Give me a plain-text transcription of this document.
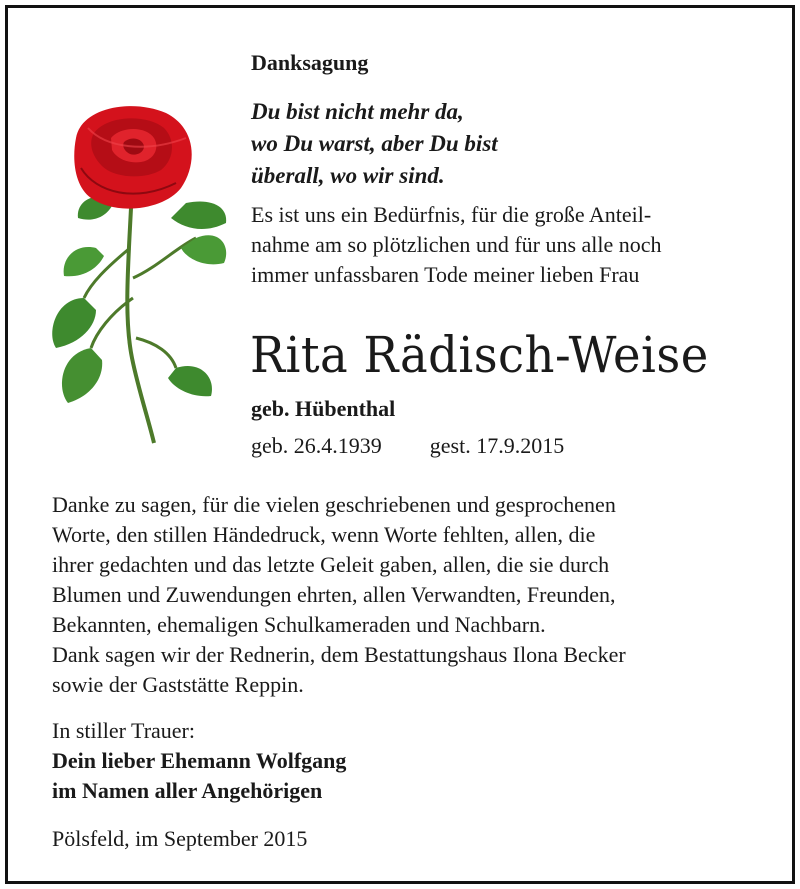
Danksagung
Du bist nicht mehr da,
wo Du warst, aber Du bist
überall, wo wir sind.
Es ist uns ein Bedürfnis, für die große Anteil-
nahme am so plötzlichen und für uns alle noch
immer unfassbaren Tode meiner lieben Frau
Rita Rädisch-Weise
geb. Hübenthal
geb. 26.4.1939 gest. 17.9.2015
Danke zu sagen, für die vielen geschriebenen und gesprochenen
Worte, den stillen Händedruck, wenn Worte fehlten, allen, die
ihrer gedachten und das letzte Geleit gaben, allen, die sie durch
Blumen und Zuwendungen ehrten, allen Verwandten, Freunden,
Bekannten, ehemaligen Schulkameraden und Nachbarn.
Dank sagen wir der Rednerin, dem Bestattungshaus Ilona Becker
sowie der Gaststätte Reppin.
In stiller Trauer:
Dein lieber Ehemann Wolfgang
im Namen aller Angehörigen
Pölsfeld, im September 2015
